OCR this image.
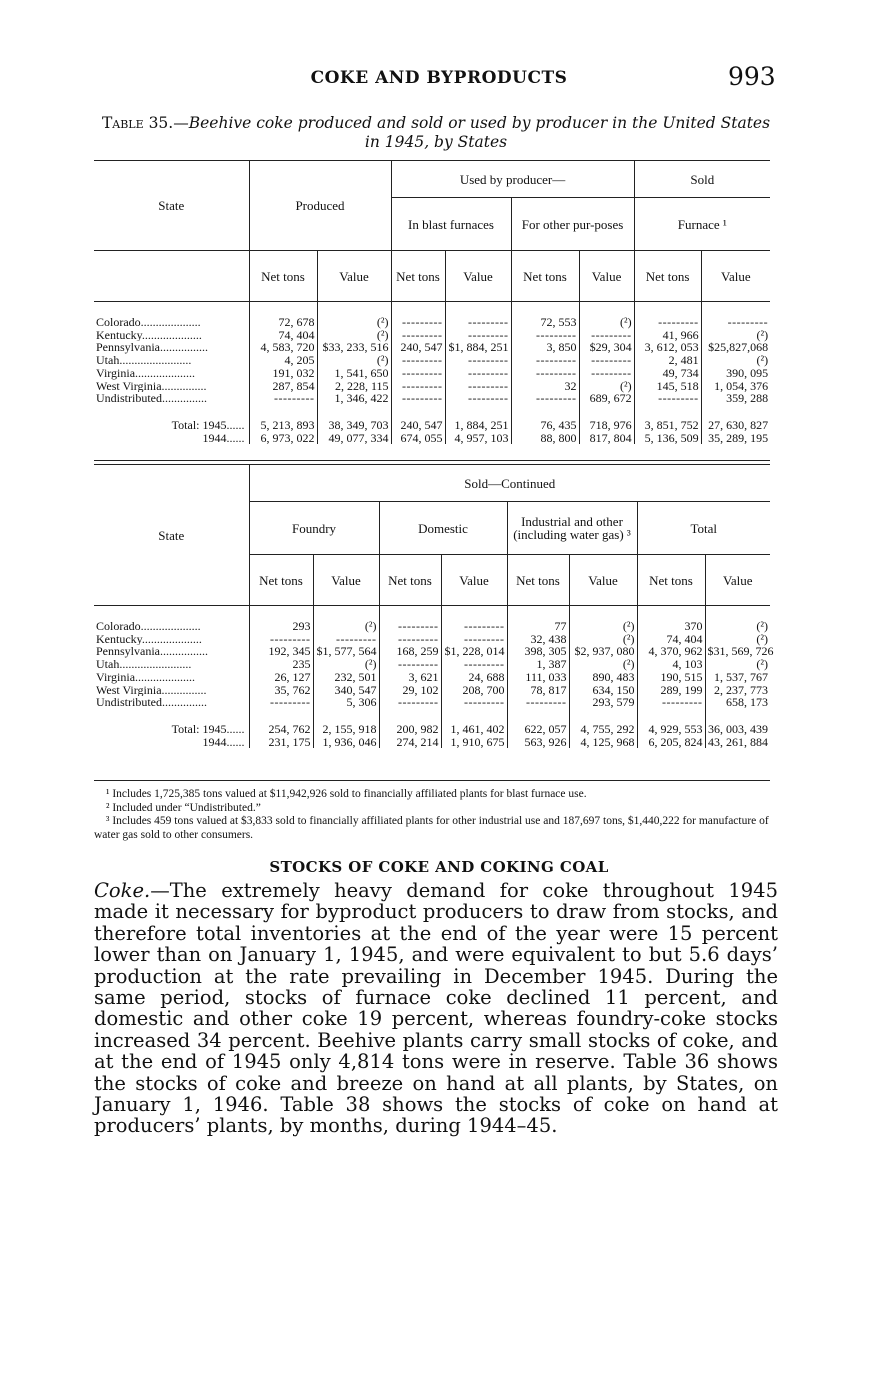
COKE AND BYPRODUCTS	993
Table 35.—Beehive coke produced and sold or used by producer in the United States in 1945, by States
State	Produced		Used by producer—				Sold	
			In blast furnaces		For other pur-poses		Furnace ¹	
	Net tons	Value	Net tons	Value	Net tons	Value	Net tons	Value

Colorado....................	72, 678	(²)	---------	---------	72, 553	(²)	---------	---------
Kentucky....................	74, 404	(²)	---------	---------	---------	---------	41, 966	(²)
Pennsylvania................	4, 583, 720	$33, 233, 516	240, 547	$1, 884, 251	3, 850	$29, 304	3, 612, 053	$25,827,068
Utah........................	4, 205	(²)	---------	---------	---------	---------	2, 481	(²)
Virginia....................	191, 032	1, 541, 650	---------	---------	---------	---------	49, 734	390, 095
West Virginia...............	287, 854	2, 228, 115	---------	---------	32	(²)	145, 518	1, 054, 376
Undistributed...............	---------	1, 346, 422	---------	---------	---------	689, 672	---------	359, 288

Total: 1945......	5, 213, 893	38, 349, 703	240, 547	1, 884, 251	76, 435	718, 976	3, 851, 752	27, 630, 827
1944......	6, 973, 022	49, 077, 334	674, 055	4, 957, 103	88, 800	817, 804	5, 136, 509	35, 289, 195
State	Sold—Continued							
	Foundry		Domestic		Industrial and other (including water gas) ³		Total	
	Net tons	Value	Net tons	Value	Net tons	Value	Net tons	Value

Colorado....................	293	(²)	---------	---------	77	(²)	370	(²)
Kentucky....................	---------	---------	---------	---------	32, 438	(²)	74, 404	(²)
Pennsylvania................	192, 345	$1, 577, 564	168, 259	$1, 228, 014	398, 305	$2, 937, 080	4, 370, 962	$31, 569, 726
Utah........................	235	(²)	---------	---------	1, 387	(²)	4, 103	(²)
Virginia....................	26, 127	232, 501	3, 621	24, 688	111, 033	890, 483	190, 515	1, 537, 767
West Virginia...............	35, 762	340, 547	29, 102	208, 700	78, 817	634, 150	289, 199	2, 237, 773
Undistributed...............	---------	5, 306	---------	---------	---------	293, 579	---------	658, 173

Total: 1945......	254, 762	2, 155, 918	200, 982	1, 461, 402	622, 057	4, 755, 292	4, 929, 553	36, 003, 439
1944......	231, 175	1, 936, 046	274, 214	1, 910, 675	563, 926	4, 125, 968	6, 205, 824	43, 261, 884

¹ Includes 1,725,385 tons valued at $11,942,926 sold to financially affiliated plants for blast furnace use.

² Included under “Undistributed.”

³ Includes 459 tons valued at $3,833 sold to financially affiliated plants for other industrial use and 187,697 tons, $1,440,222 for manufacture of water gas sold to other consumers.

STOCKS OF COKE AND COKING COAL
Coke.—The extremely heavy demand for coke throughout 1945 made it necessary for byproduct producers to draw from stocks, and therefore total inventories at the end of the year were 15 percent lower than on January 1, 1945, and were equivalent to but 5.6 days’ production at the rate prevailing in December 1945. During the same period, stocks of furnace coke declined 11 percent, and domestic and other coke 19 percent, whereas foundry-coke stocks increased 34 percent. Beehive plants carry small stocks of coke, and at the end of 1945 only 4,814 tons were in reserve. Table 36 shows the stocks of coke and breeze on hand at all plants, by States, on January 1, 1946. Table 38 shows the stocks of coke on hand at producers’ plants, by months, during 1944–45.
